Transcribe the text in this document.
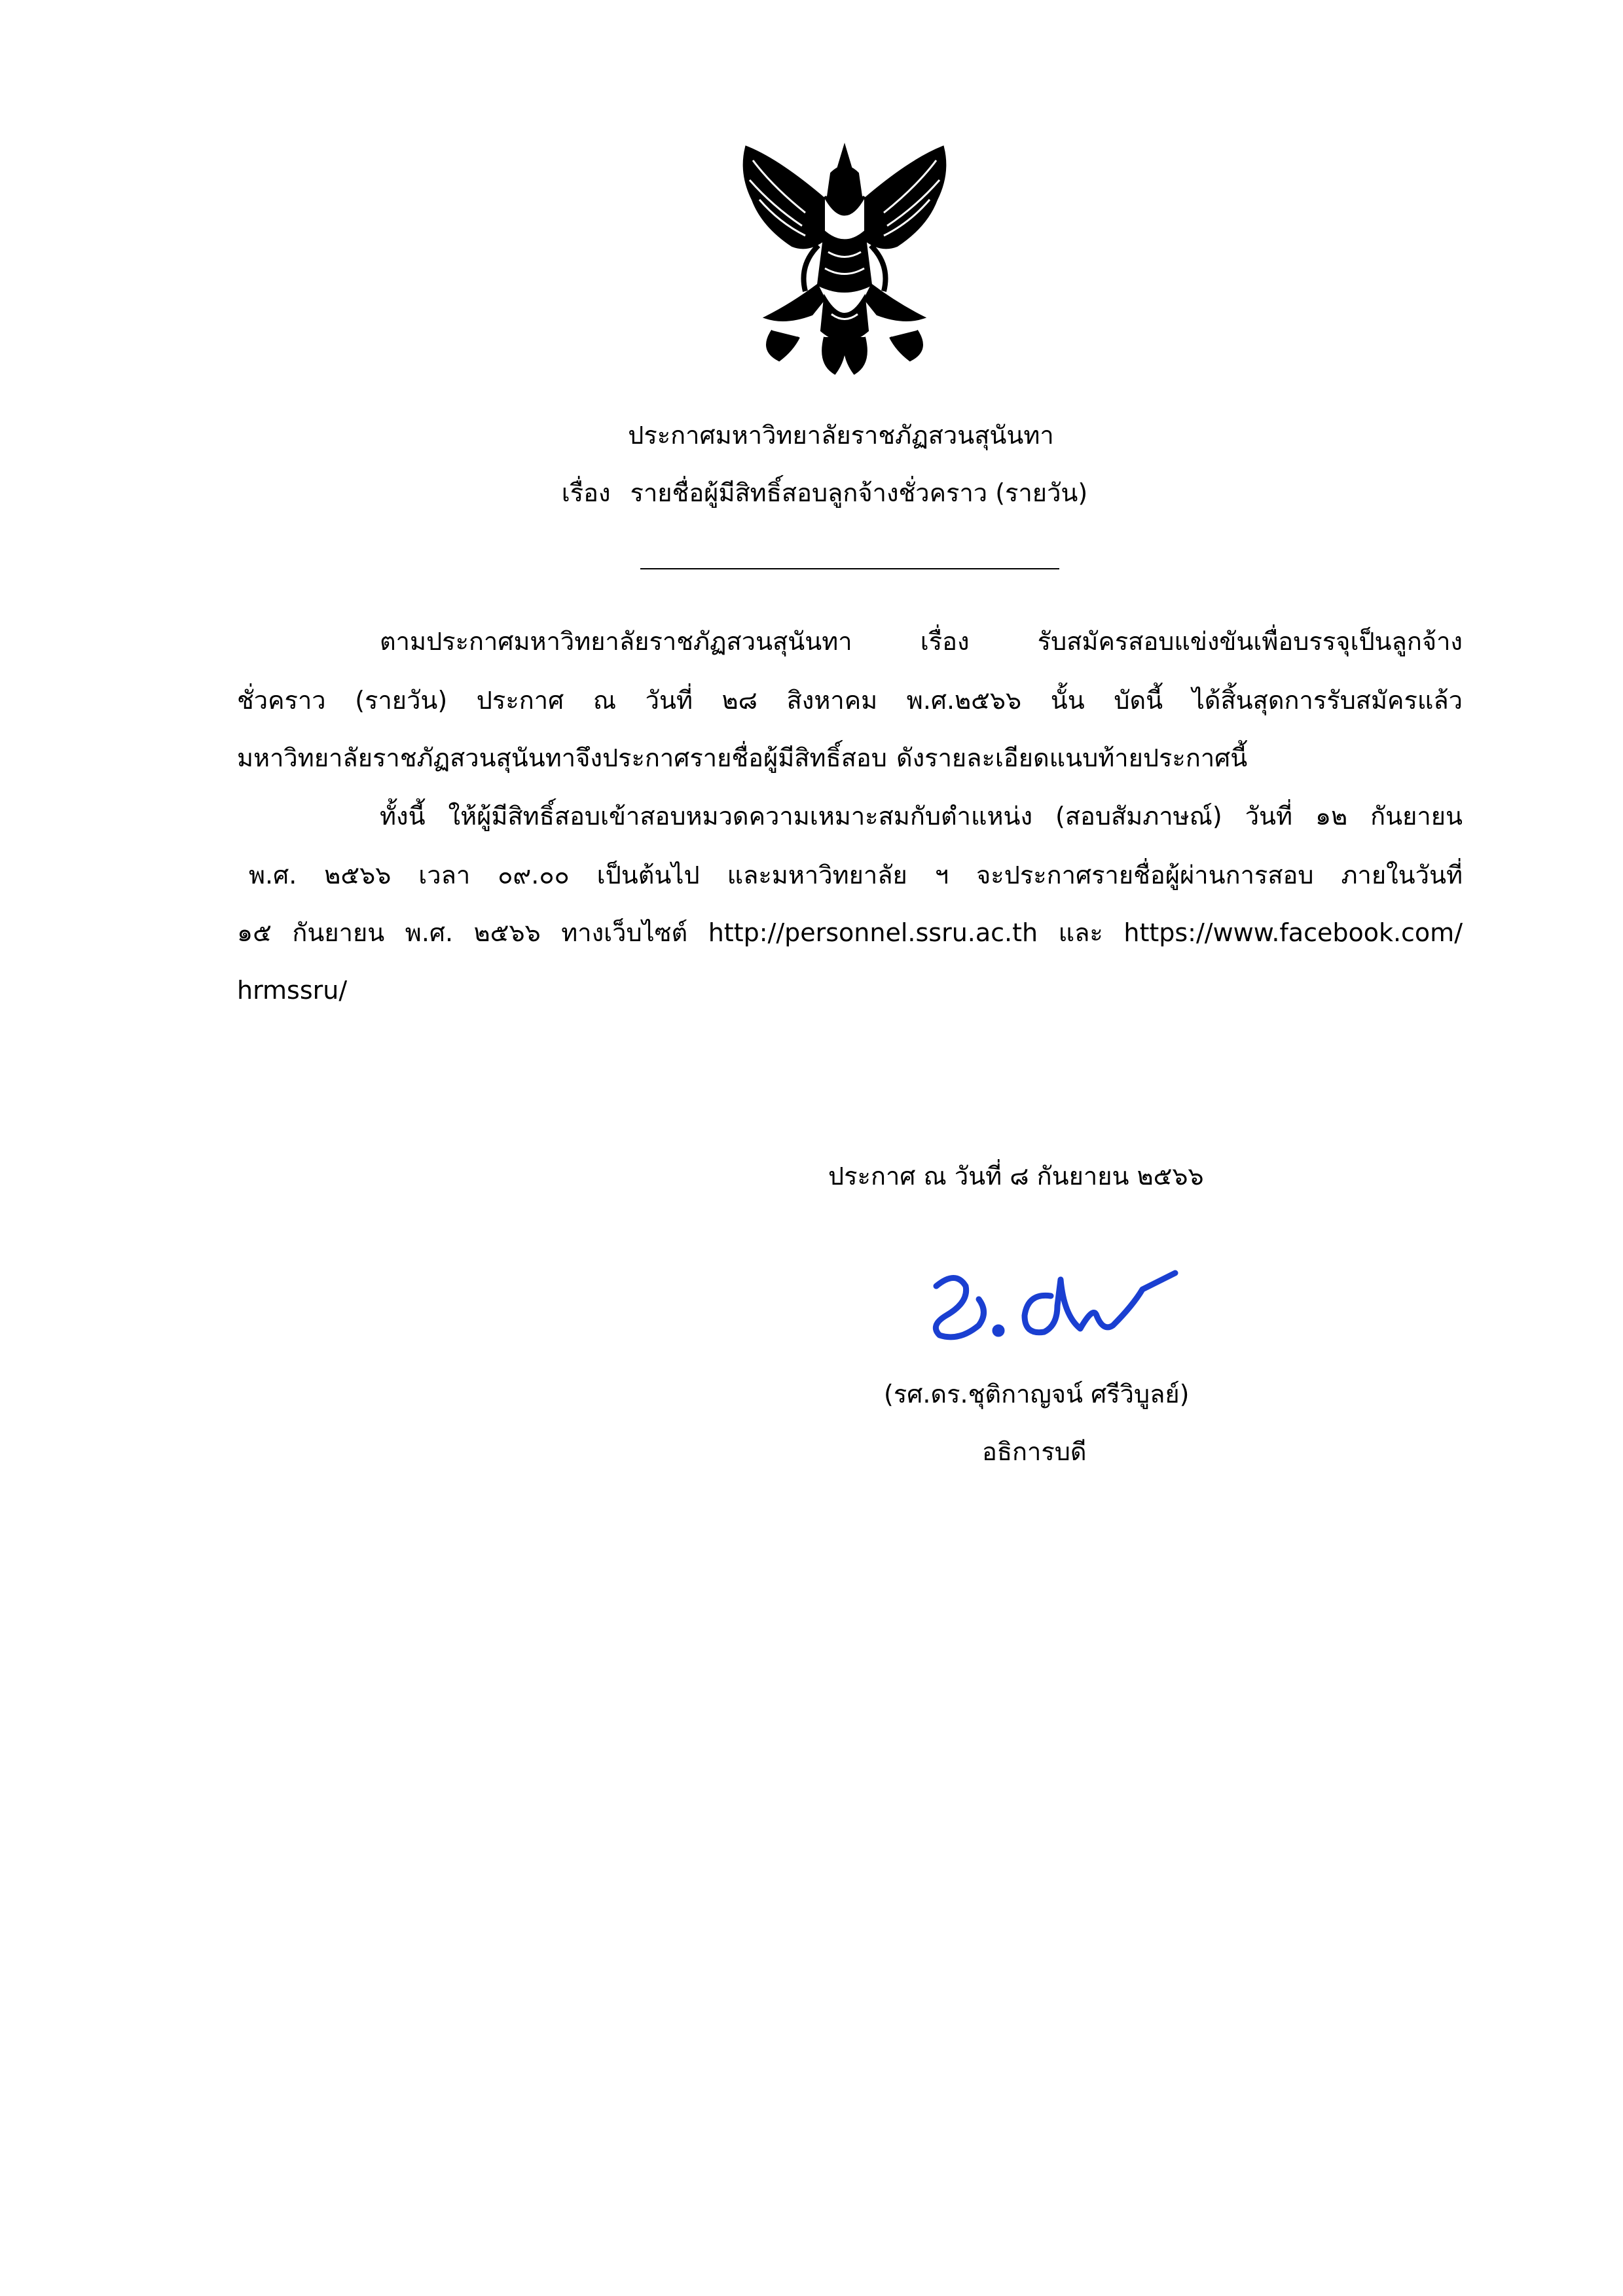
ประกาศมหาวิทยาลัยราชภัฏสวนสุนันทา
เรื่อง รายชื่อผู้มีสิทธิ์สอบลูกจ้างชั่วคราว (รายวัน)
ตามประกาศมหาวิทยาลัยราชภัฏสวนสุนันทา เรื่อง รับสมัครสอบแข่งขันเพื่อบรรจุเป็นลูกจ้าง
ชั่วคราว (รายวัน) ประกาศ ณ วันที่ ๒๘ สิงหาคม พ.ศ.๒๕๖๖ นั้น บัดนี้ ได้สิ้นสุดการรับสมัครแล้ว
มหาวิทยาลัยราชภัฏสวนสุนันทาจึงประกาศรายชื่อผู้มีสิทธิ์สอบ ดังรายละเอียดแนบท้ายประกาศนี้
ทั้งนี้ ให้ผู้มีสิทธิ์สอบเข้าสอบหมวดความเหมาะสมกับตำแหน่ง (สอบสัมภาษณ์) วันที่ ๑๒ กันยายน
พ.ศ. ๒๕๖๖ เวลา ๐๙.๐๐ เป็นต้นไป และมหาวิทยาลัย ฯ จะประกาศรายชื่อผู้ผ่านการสอบ ภายในวันที่
๑๕ กันยายน พ.ศ. ๒๕๖๖ ทางเว็บไซต์ http://personnel.ssru.ac.th และ https://www.facebook.com/
hrmssru/
ประกาศ ณ วันที่ ๘ กันยายน ๒๕๖๖
(รศ.ดร.ชุติกาญจน์ ศรีวิบูลย์)
อธิการบดี
